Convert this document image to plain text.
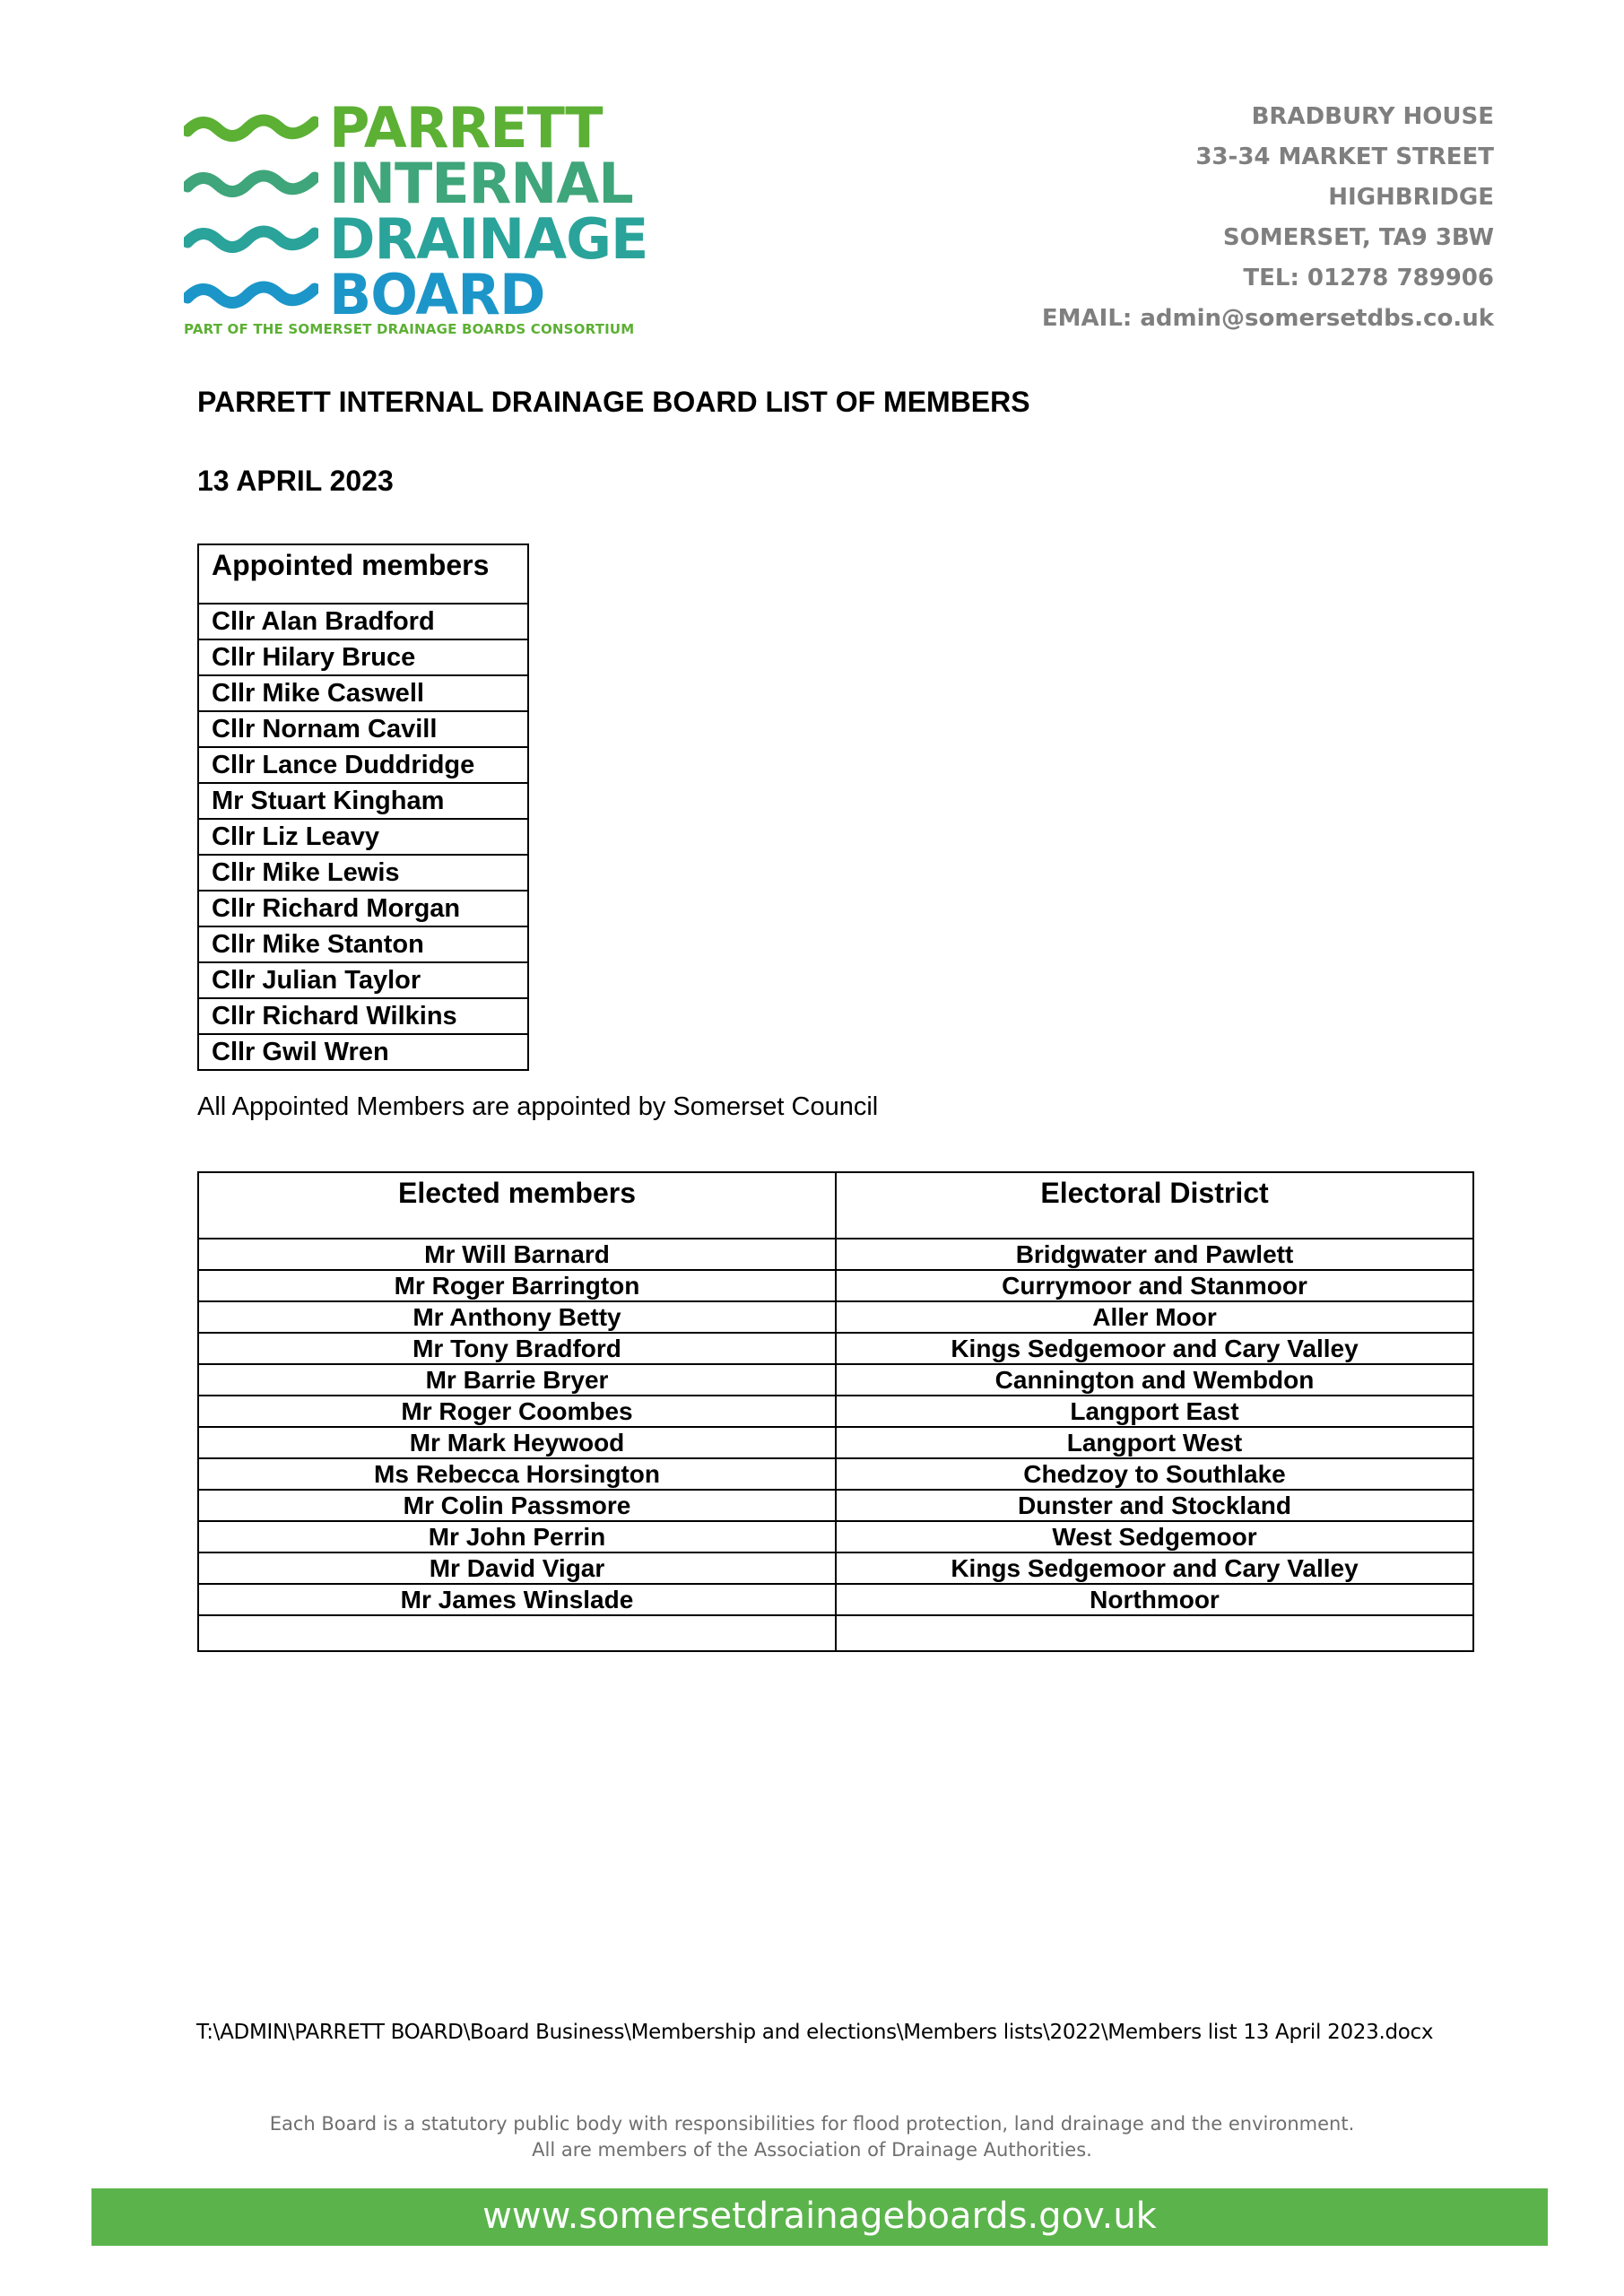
PARRETT
INTERNAL
DRAINAGE
BOARD
PART OF THE SOMERSET DRAINAGE BOARDS CONSORTIUM
BRADBURY HOUSE
33-34 MARKET STREET
HIGHBRIDGE
SOMERSET, TA9 3BW
TEL: 01278 789906
EMAIL: admin@somersetdbs.co.uk
PARRETT INTERNAL DRAINAGE BOARD LIST OF MEMBERS
13 APRIL 2023
Appointed members
Cllr Alan Bradford
Cllr Hilary Bruce
Cllr Mike Caswell
Cllr Nornam Cavill
Cllr Lance Duddridge
Mr Stuart Kingham
Cllr Liz Leavy
Cllr Mike Lewis
Cllr Richard Morgan
Cllr Mike Stanton
Cllr Julian Taylor
Cllr Richard Wilkins
Cllr Gwil Wren
All Appointed Members are appointed by Somerset Council
Elected members	Electoral District
Mr Will Barnard	Bridgwater and Pawlett
Mr Roger Barrington	Currymoor and Stanmoor
Mr Anthony Betty	Aller Moor
Mr Tony Bradford	Kings Sedgemoor and Cary Valley
Mr Barrie Bryer	Cannington and Wembdon
Mr Roger Coombes	Langport East
Mr Mark Heywood	Langport West
Ms Rebecca Horsington	Chedzoy to Southlake
Mr Colin Passmore	Dunster and Stockland
Mr John Perrin	West Sedgemoor
Mr David Vigar	Kings Sedgemoor and Cary Valley
Mr James Winslade	Northmoor

T:\ADMIN\PARRETT BOARD\Board Business\Membership and elections\Members lists\2022\Members list 13 April 2023.docx
Each Board is a statutory public body with responsibilities for flood protection, land drainage and the environment.
All are members of the Association of Drainage Authorities.
www.somersetdrainageboards.gov.uk
